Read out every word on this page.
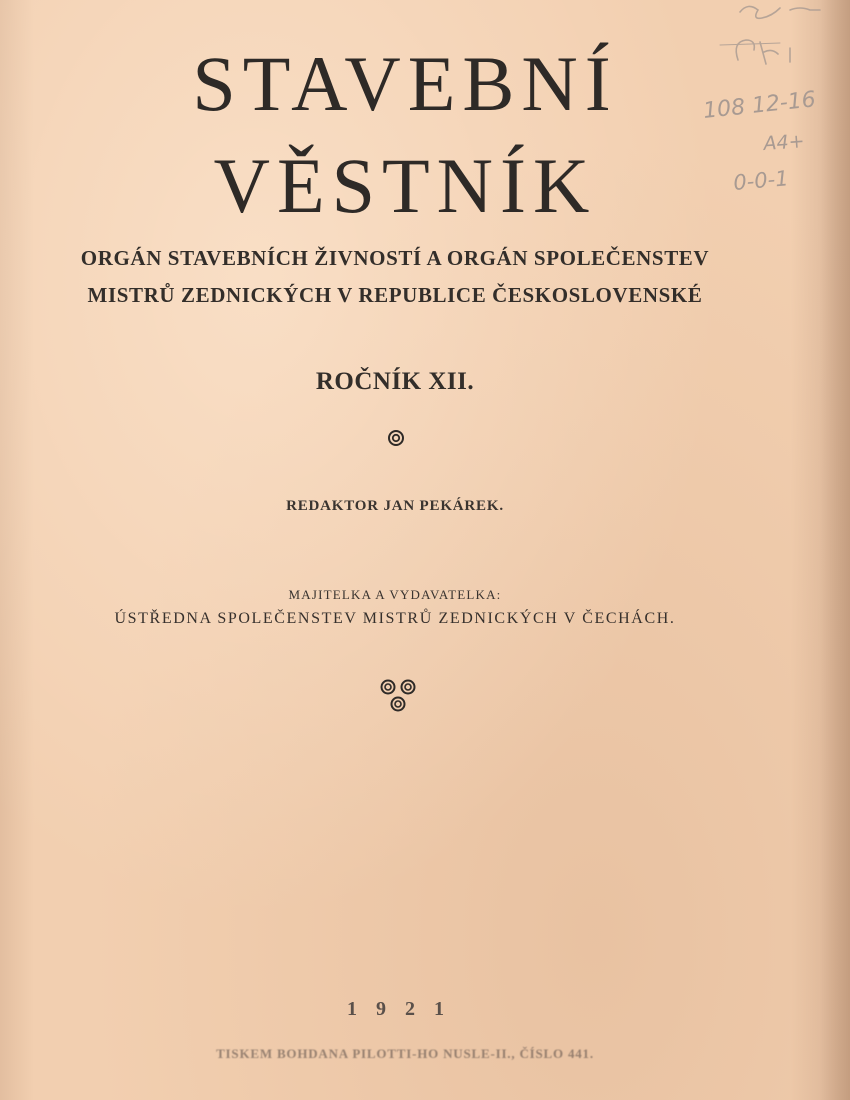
STAVEBNÍ
VĚSTNÍK
ORGÁN STAVEBNÍCH ŽIVNOSTÍ A ORGÁN SPOLEČENSTEV
MISTRŮ ZEDNICKÝCH V REPUBLICE ČESKOSLOVENSKÉ
ROČNÍK XII.
REDAKTOR JAN PEKÁREK.
MAJITELKA A VYDAVATELKA:
ÚSTŘEDNA SPOLEČENSTEV MISTRŮ ZEDNICKÝCH V ČECHÁCH.
1921
TISKEM BOHDANA PILOTTI-HO NUSLE-II., ČÍSLO 441.
108 12-16
A4+
0-0-1
